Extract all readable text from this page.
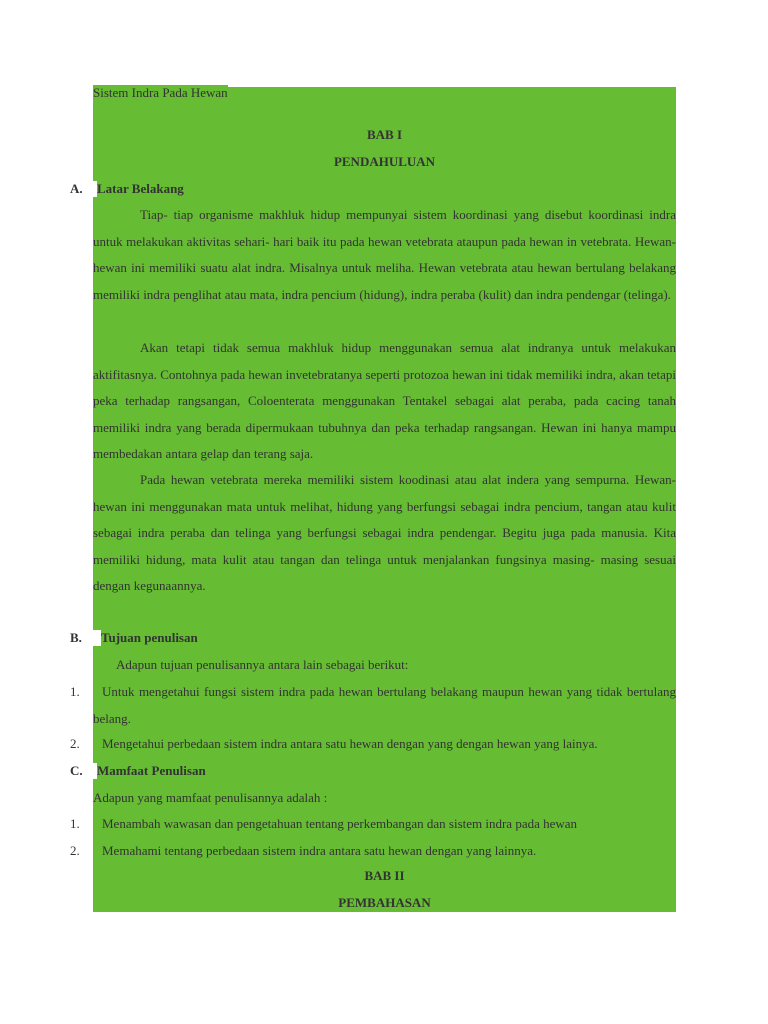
Sistem Indra Pada Hewan
BAB I
PENDAHULUAN
A. Latar Belakang

Tiap- tiap organisme makhluk hidup mempunyai sistem koordinasi yang disebut koordinasi indra untuk melakukan aktivitas sehari- hari baik itu pada hewan vetebrata ataupun pada hewan in vetebrata. Hewan- hewan ini memiliki suatu alat indra. Misalnya untuk meliha. Hewan vetebrata atau hewan bertulang belakang memiliki indra penglihat atau mata, indra pencium (hidung), indra peraba (kulit) dan indra pendengar (telinga).

Akan tetapi tidak semua makhluk hidup menggunakan semua alat indranya untuk melakukan aktifitasnya. Contohnya pada hewan invetebratanya seperti protozoa hewan ini tidak memiliki indra, akan tetapi peka terhadap rangsangan, Coloenterata menggunakan Tentakel sebagai alat peraba, pada cacing tanah memiliki indra yang berada dipermukaan tubuhnya dan peka terhadap rangsangan. Hewan ini hanya mampu membedakan antara gelap dan terang saja.

Pada hewan vetebrata mereka memiliki sistem koodinasi atau alat indera yang sempurna. Hewan- hewan ini menggunakan mata untuk melihat, hidung yang berfungsi sebagai indra pencium, tangan atau kulit sebagai indra peraba dan telinga yang berfungsi sebagai indra pendengar. Begitu juga pada manusia. Kita memiliki hidung, mata kulit atau tangan dan telinga untuk menjalankan fungsinya masing- masing sesuai dengan kegunaannya.

B. Tujuan penulisan
Adapun tujuan penulisannya antara lain sebagai berikut:
1.	Untuk mengetahui fungsi sistem indra pada hewan bertulang belakang maupun hewan yang tidak bertulang belang.

2.	Mengetahui perbedaan sistem indra antara satu hewan dengan yang dengan hewan yang lainya.

C. Mamfaat Penulisan
Adapun yang mamfaat penulisannya adalah :
1.	Menambah wawasan dan pengetahuan tentang perkembangan dan sistem indra pada hewan

2.	Memahami tentang perbedaan sistem indra antara satu hewan dengan yang lainnya.

BAB II
PEMBAHASAN
